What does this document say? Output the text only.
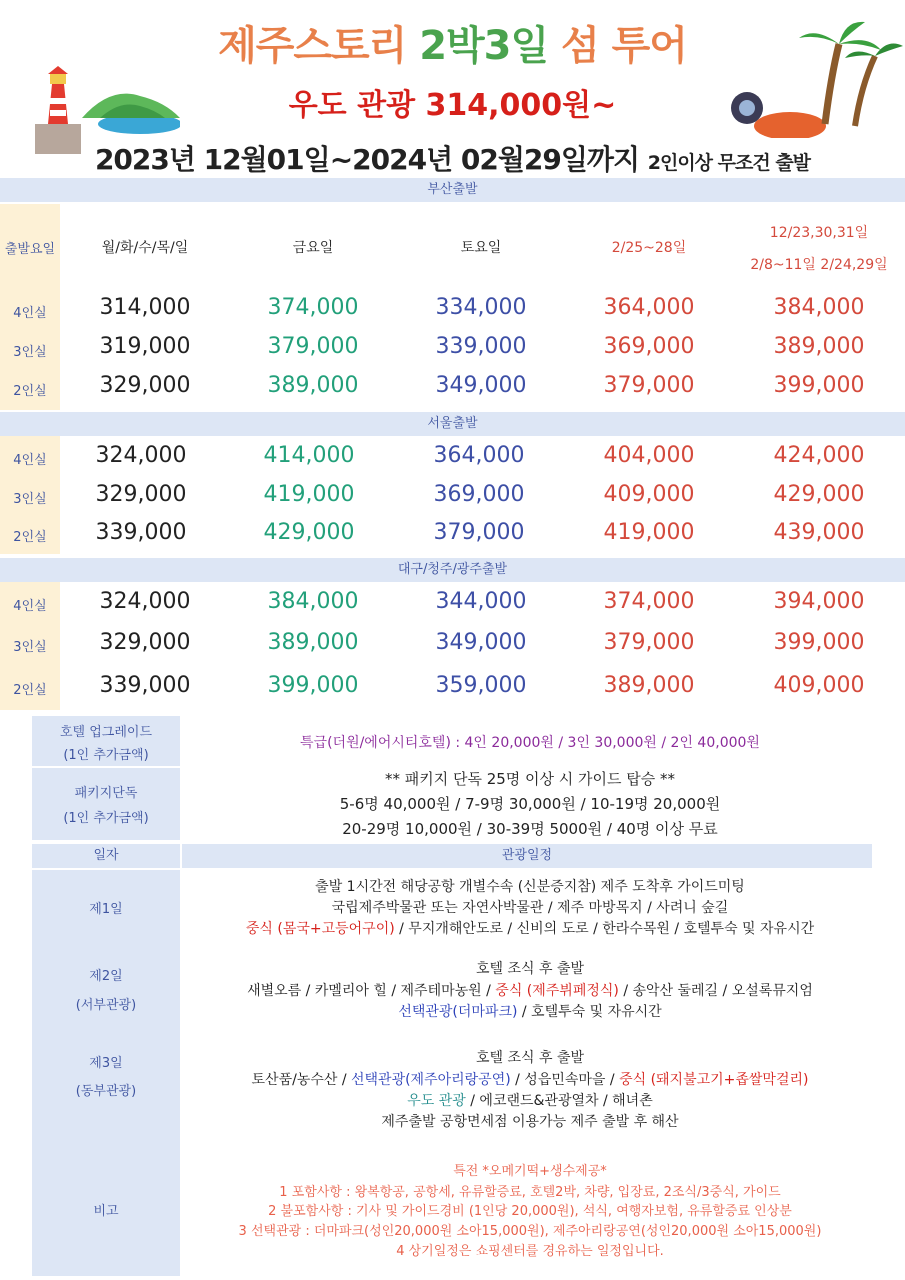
제주스토리 2박3일 섬 투어
우도 관광 314,000원~
2023년 12월01일~2024년 02월29일까지 2인이상 무조건 출발
부산출발
출발요일	월/화/수/목/일	금요일	토요일	2/25~28일
12/23,30,31일
2/8~11일 2/24,29일
4인실	314,000	374,000	334,000	364,000	384,000
3인실	319,000	379,000	339,000	369,000	389,000
2인실	329,000	389,000	349,000	379,000	399,000
서울출발
4인실	324,000	414,000	364,000	404,000	424,000
3인실	329,000	419,000	369,000	409,000	429,000
2인실	339,000	429,000	379,000	419,000	439,000
대구/청주/광주출발
4인실	324,000	384,000	344,000	374,000	394,000
3인실	329,000	389,000	349,000	379,000	399,000
2인실	339,000	399,000	359,000	389,000	409,000
호텔 업그레이드
(1인 추가금액)
특급(더원/에어시티호텔) : 4인 20,000원 / 3인 30,000원 / 2인 40,000원
패키지단독
(1인 추가금액)
** 패키지 단독 25명 이상 시 가이드 탑승 **
5-6명 40,000원 / 7-9명 30,000원 / 10-19명 20,000원
20-29명 10,000원 / 30-39명 5000원 / 40명 이상 무료
일자	관광일정
제1일
출발 1시간전 해당공항 개별수속 (신분증지참) 제주 도착후 가이드미팅
국립제주박물관 또는 자연사박물관 / 제주 마방목지 / 사려니 숲길
중식 (몸국+고등어구이) / 무지개해안도로 / 신비의 도로 / 한라수목원 / 호텔투숙 및 자유시간
제2일
(서부관광)
호텔 조식 후 출발
새별오름 / 카멜리아 힐 / 제주테마농원 / 중식 (제주뷔페정식) / 송악산 둘레길 / 오설록뮤지엄
선택관광(더마파크) / 호텔투숙 및 자유시간
제3일
(동부관광)
호텔 조식 후 출발
토산품/농수산 / 선택관광(제주아리랑공연) / 성읍민속마을 / 중식 (돼지불고기+좁쌀막걸리)
우도 관광 / 에코랜드&관광열차 / 해녀촌
제주출발 공항면세점 이용가능 제주 출발 후 해산
비고
특전 *오메기떡+생수제공*
1 포함사항 : 왕복항공, 공항세, 유류할증료, 호텔2박, 차량, 입장료, 2조식/3중식, 가이드
2 불포함사항 : 기사 및 가이드경비 (1인당 20,000원), 석식, 여행자보험, 유류할증료 인상분
3 선택관광 : 더마파크(성인20,000원 소아15,000원), 제주아리랑공연(성인20,000원 소아15,000원)
4 상기일정은 쇼핑센터를 경유하는 일정입니다.
